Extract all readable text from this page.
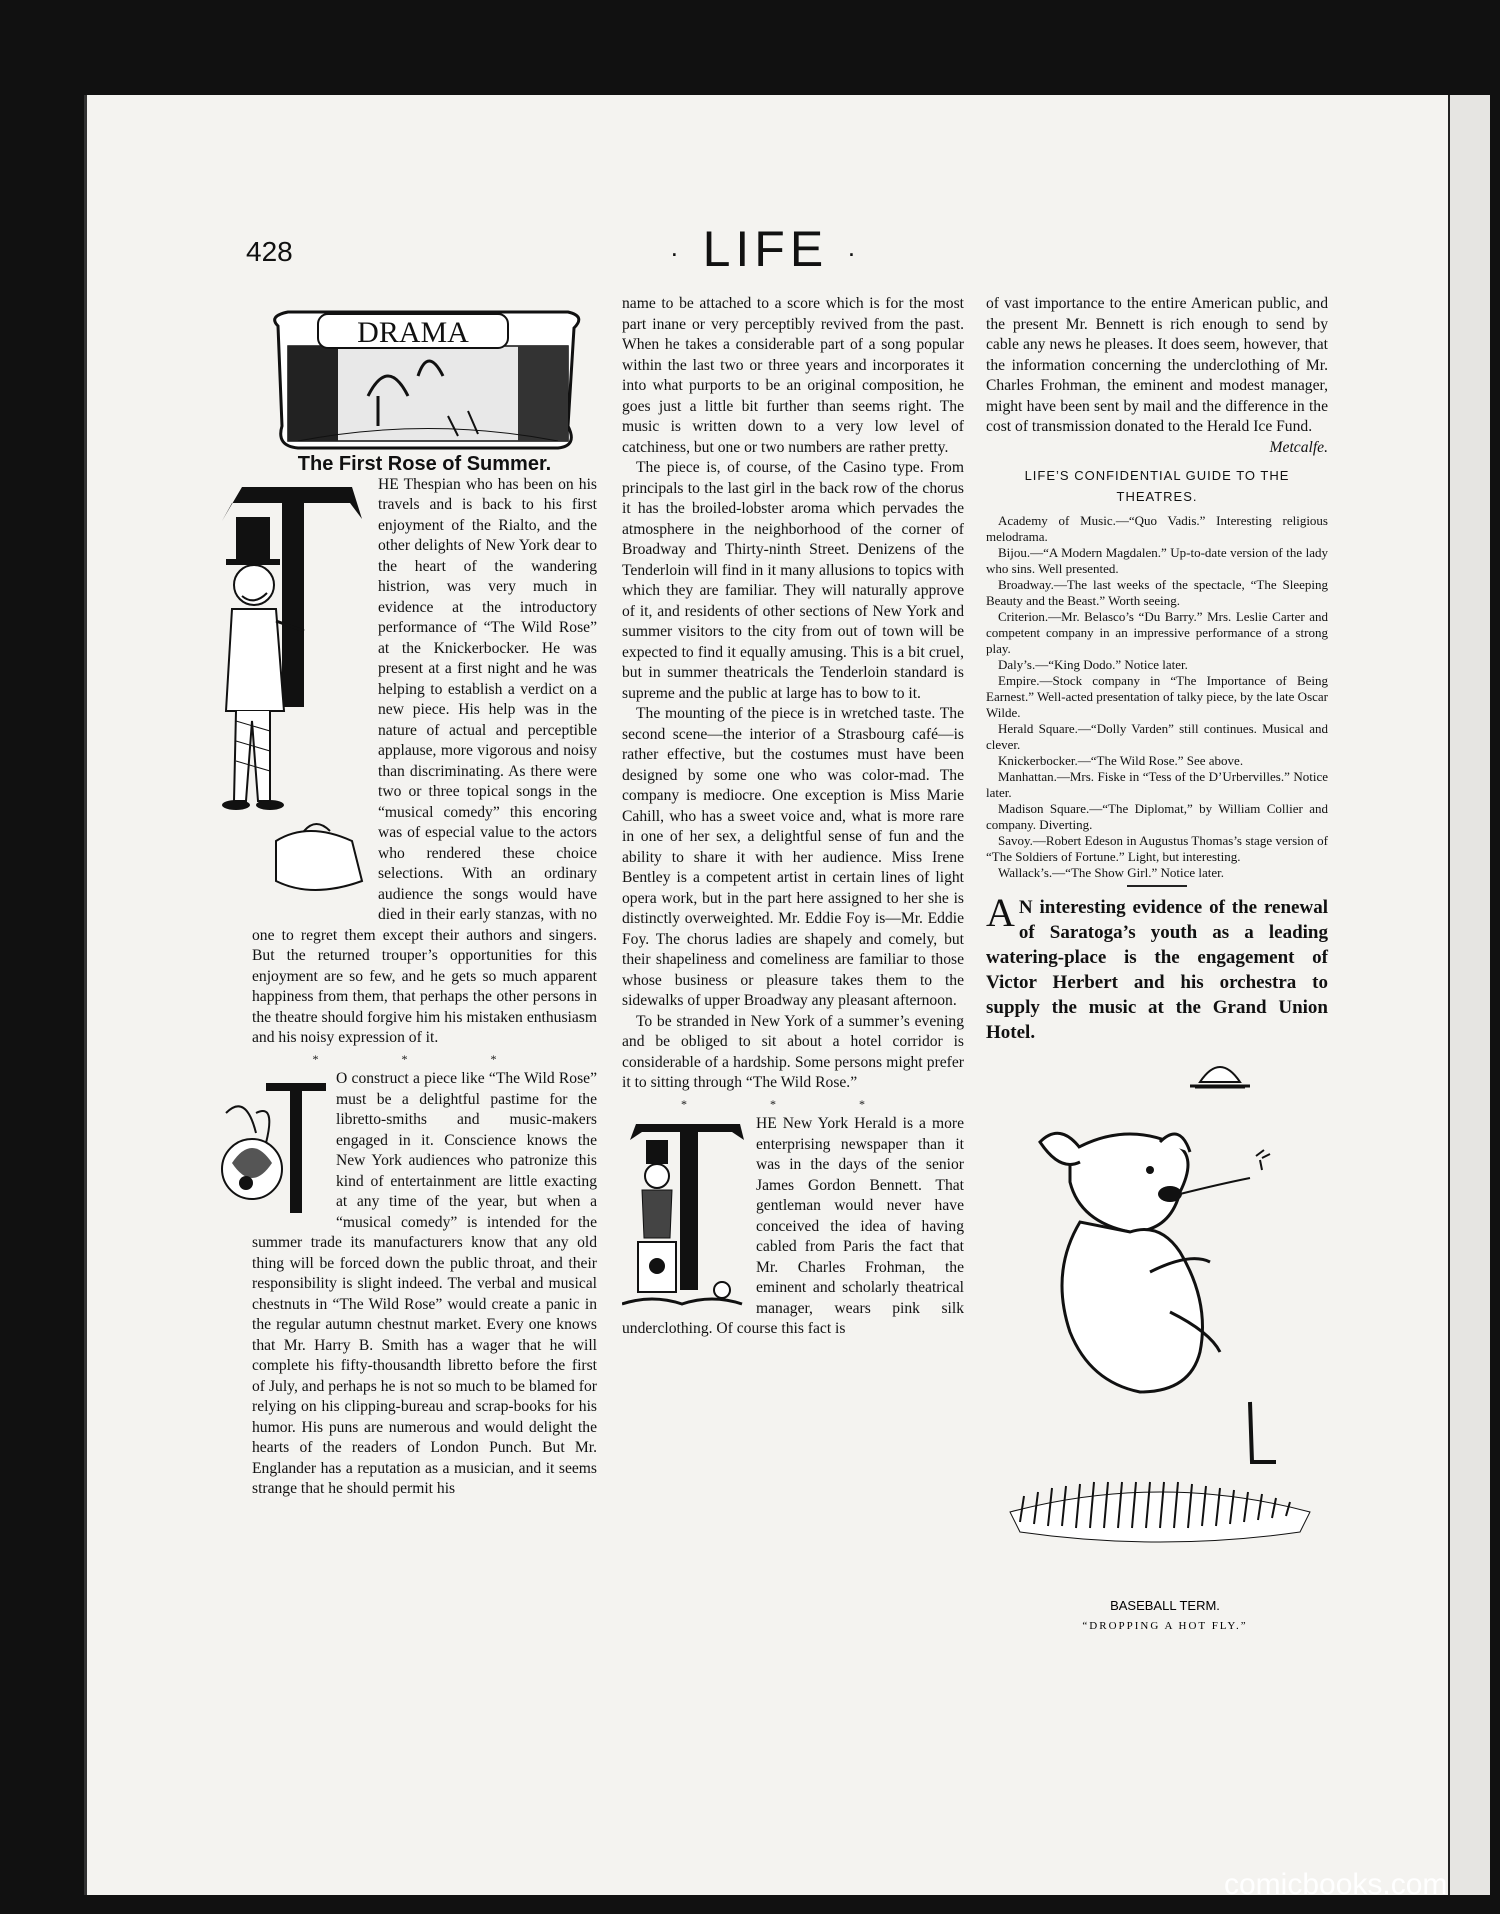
428	· LIFE ·
DRAMA
The First Rose of Summer.

HE Thespian who has been on his travels and is back to his first enjoyment of the Rialto, and the other delights of New York dear to the heart of the wandering histrion, was very much in evidence at the introductory performance of “The Wild Rose” at the Knickerbocker. He was present at a first night and he was helping to establish a verdict on a new piece. His help was in the nature of actual and perceptible applause, more vigorous and noisy than discriminating. As there were two or three topical songs in the “musical comedy” this encoring was of especial value to the actors who rendered these choice selections. With an ordinary audience the songs would have died in their early stanzas, with no one to regret them except their authors and singers. But the returned trouper’s opportunities for this enjoyment are so few, and he gets so much apparent happiness from them, that perhaps the other persons in the theatre should forgive him his mistaken enthusiasm and his noisy expression of it.

* * *

O construct a piece like “The Wild Rose” must be a delightful pastime for the libretto-smiths and music-makers engaged in it. Conscience knows the New York audiences who patronize this kind of entertainment are little exacting at any time of the year, but when a “musical comedy” is intended for the summer trade its manufacturers know that any old thing will be forced down the public throat, and their responsibility is slight indeed. The verbal and musical chestnuts in “The Wild Rose” would create a panic in the regular autumn chestnut market. Every one knows that Mr. Harry B. Smith has a wager that he will complete his fifty-thousandth libretto before the first of July, and perhaps he is not so much to be blamed for relying on his clipping-bureau and scrap-books for his humor. His puns are numerous and would delight the hearts of the readers of London Punch. But Mr. Englander has a reputation as a musician, and it seems strange that he should permit his

name to be attached to a score which is for the most part inane or very perceptibly revived from the past. When he takes a considerable part of a song popular within the last two or three years and incorporates it into what purports to be an original composition, he goes just a little bit further than seems right. The music is written down to a very low level of catchiness, but one or two numbers are rather pretty.

The piece is, of course, of the Casino type. From principals to the last girl in the back row of the chorus it has the broiled-lobster aroma which pervades the atmosphere in the neighborhood of the corner of Broadway and Thirty-ninth Street. Denizens of the Tenderloin will find in it many allusions to topics with which they are familiar. They will naturally approve of it, and residents of other sections of New York and summer visitors to the city from out of town will be expected to find it equally amusing. This is a bit cruel, but in summer theatricals the Tenderloin standard is supreme and the public at large has to bow to it.

The mounting of the piece is in wretched taste. The second scene—the interior of a Strasbourg café—is rather effective, but the costumes must have been designed by some one who was color-mad. The company is mediocre. One exception is Miss Marie Cahill, who has a sweet voice and, what is more rare in one of her sex, a delightful sense of fun and the ability to share it with her audience. Miss Irene Bentley is a competent artist in certain lines of light opera work, but in the part here assigned to her she is distinctly overweighted. Mr. Eddie Foy is—Mr. Eddie Foy. The chorus ladies are shapely and comely, but their shapeliness and comeliness are familiar to those whose business or pleasure takes them to the sidewalks of upper Broadway any pleasant afternoon.

To be stranded in New York of a summer’s evening and be obliged to sit about a hotel corridor is considerable of a hardship. Some persons might prefer it to sitting through “The Wild Rose.”

* * *

HE New York Herald is a more enterprising newspaper than it was in the days of the senior James Gordon Bennett. That gentleman would never have conceived the idea of having cabled from Paris the fact that Mr. Charles Frohman, the eminent and scholarly theatrical manager, wears pink silk underclothing. Of course this fact is

of vast importance to the entire American public, and the present Mr. Bennett is rich enough to send by cable any news he pleases. It does seem, however, that the information concerning the underclothing of Mr. Charles Frohman, the eminent and modest manager, might have been sent by mail and the difference in the cost of transmission donated to the Herald Ice Fund.

Metcalfe.

LIFE’S CONFIDENTIAL GUIDE TO THE THEATRES.

Academy of Music.—“Quo Vadis.” Interesting religious melodrama.

Bijou.—“A Modern Magdalen.” Up-to-date version of the lady who sins. Well presented.

Broadway.—The last weeks of the spectacle, “The Sleeping Beauty and the Beast.” Worth seeing.

Criterion.—Mr. Belasco’s “Du Barry.” Mrs. Leslie Carter and competent company in an impressive performance of a strong play.

Daly’s.—“King Dodo.” Notice later.

Empire.—Stock company in “The Importance of Being Earnest.” Well-acted presentation of talky piece, by the late Oscar Wilde.

Herald Square.—“Dolly Varden” still continues. Musical and clever.

Knickerbocker.—“The Wild Rose.” See above.

Manhattan.—Mrs. Fiske in “Tess of the D’Urbervilles.” Notice later.

Madison Square.—“The Diplomat,” by William Collier and company. Diverting.

Savoy.—Robert Edeson in Augustus Thomas’s stage version of “The Soldiers of Fortune.” Light, but interesting.

Wallack’s.—“The Show Girl.” Notice later.

A N interesting evidence of the renewal of Saratoga’s youth as a leading watering-place is the engagement of Victor Herbert and his orchestra to supply the music at the Grand Union Hotel.

BASEBALL TERM.
“DROPPING A HOT FLY.”
comicbooks.com
